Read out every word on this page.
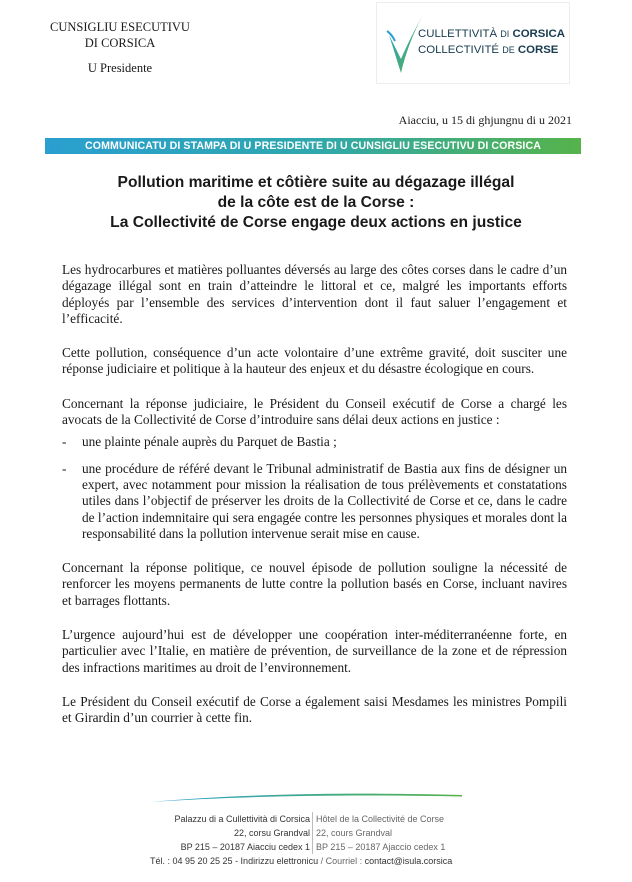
CUNSIGLIU ESECUTIVU
DI CORSICA
U Presidente
CULLETTIVITÀ DI CORSICA
COLLECTIVITÉ DE CORSE
Aiacciu, u 15 di ghjungnu di u 2021
COMMUNICATU DI STAMPA DI U PRESIDENTE DI U CUNSIGLIU ESECUTIVU DI CORSICA
Pollution maritime et côtière suite au dégazage illégal
de la côte est de la Corse :
La Collectivité de Corse engage deux actions en justice

Les hydrocarbures et matières polluantes déversés au large des côtes corses dans le cadre d’un dégazage illégal sont en train d’atteindre le littoral et ce, malgré les importants efforts déployés par l’ensemble des services d’intervention dont il faut saluer l’engagement et l’efficacité.

Cette pollution, conséquence d’un acte volontaire d’une extrême gravité, doit susciter une réponse judiciaire et politique à la hauteur des enjeux et du désastre écologique en cours.

Concernant la réponse judiciaire, le Président du Conseil exécutif de Corse a chargé les avocats de la Collectivité de Corse d’introduire sans délai deux actions en justice :

- une plainte pénale auprès du Parquet de Bastia ;
- une procédure de référé devant le Tribunal administratif de Bastia aux fins de désigner un expert, avec notamment pour mission la réalisation de tous prélèvements et constatations utiles dans l’objectif de préserver les droits de la Collectivité de Corse et ce, dans le cadre de l’action indemnitaire qui sera engagée contre les personnes physiques et morales dont la responsabilité dans la pollution intervenue serait mise en cause.

Concernant la réponse politique, ce nouvel épisode de pollution souligne la nécessité de renforcer les moyens permanents de lutte contre la pollution basés en Corse, incluant navires et barrages flottants.

L’urgence aujourd’hui est de développer une coopération inter-méditerranéenne forte, en particulier avec l’Italie, en matière de prévention, de surveillance de la zone et de répression des infractions maritimes au droit de l’environnement.

Le Président du Conseil exécutif de Corse a également saisi Mesdames les ministres Pompili et Girardin d’un courrier à cette fin.

Palazzu di a Cullettività di Corsica
22, corsu Grandval
BP 215 – 20187 Aiacciu cedex 1
Hôtel de la Collectivité de Corse
22, cours Grandval
BP 215 – 20187 Ajaccio cedex 1
Tél. : 04 95 20 25 25 - Indirizzu elettronicu / Courriel : contact@isula.corsica
